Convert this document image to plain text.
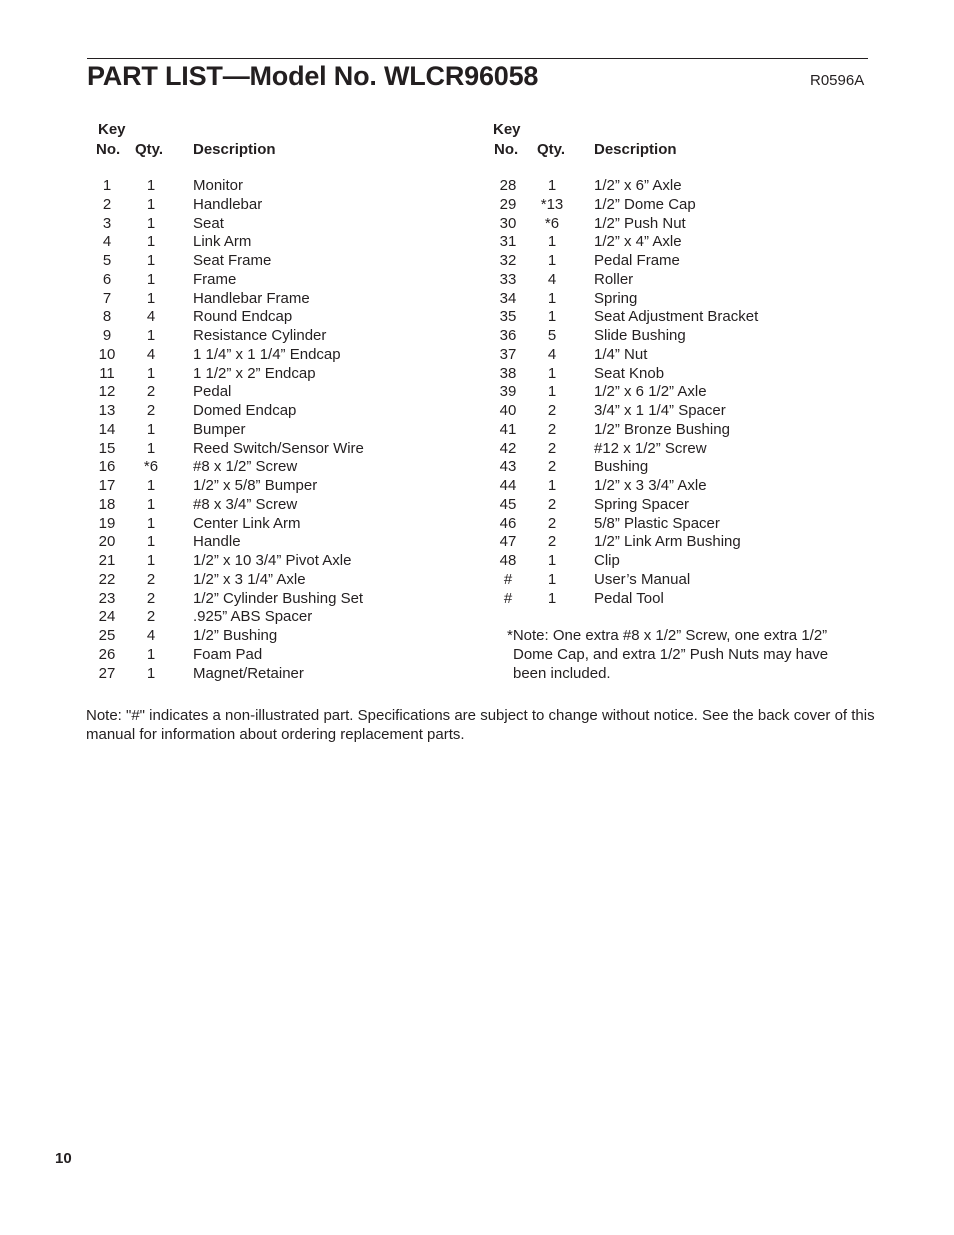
PART LIST—Model No. WLCR96058	R0596A
Key
No. Qty. Description
1	1	Monitor
2	1	Handlebar
3	1	Seat
4	1	Link Arm
5	1	Seat Frame
6	1	Frame
7	1	Handlebar Frame
8	4	Round Endcap
9	1	Resistance Cylinder
10	4	1 1/4” x 1 1/4” Endcap
11	1	1 1/2” x 2” Endcap
12	2	Pedal
13	2	Domed Endcap
14	1	Bumper
15	1	Reed Switch/Sensor Wire
16	*6	#8 x 1/2” Screw
17	1	1/2” x 5/8” Bumper
18	1	#8 x 3/4” Screw
19	1	Center Link Arm
20	1	Handle
21	1	1/2” x 10 3/4” Pivot Axle
22	2	1/2” x 3 1/4” Axle
23	2	1/2” Cylinder Bushing Set
24	2	.925” ABS Spacer
25	4	1/2” Bushing
26	1	Foam Pad
27	1	Magnet/Retainer
Key
No. Qty. Description
28	1	1/2” x 6” Axle
29	*13	1/2” Dome Cap
30	*6	1/2” Push Nut
31	1	1/2” x 4” Axle
32	1	Pedal Frame
33	4	Roller
34	1	Spring
35	1	Seat Adjustment Bracket
36	5	Slide Bushing
37	4	1/4” Nut
38	1	Seat Knob
39	1	1/2” x 6 1/2” Axle
40	2	3/4” x 1 1/4” Spacer
41	2	1/2” Bronze Bushing
42	2	#12 x 1/2” Screw
43	2	Bushing
44	1	1/2” x 3 3/4” Axle
45	2	Spring Spacer
46	2	5/8” Plastic Spacer
47	2	1/2” Link Arm Bushing
48	1	Clip
#	1	User’s Manual
#	1	Pedal Tool
*Note: One extra #8 x 1/2” Screw, one extra 1/2”
Dome Cap, and extra 1/2” Push Nuts may have
been included.
Note: "#" indicates a non-illustrated part. Specifications are subject to change without notice. See the back cover of this manual for information about ordering replacement parts.
10
